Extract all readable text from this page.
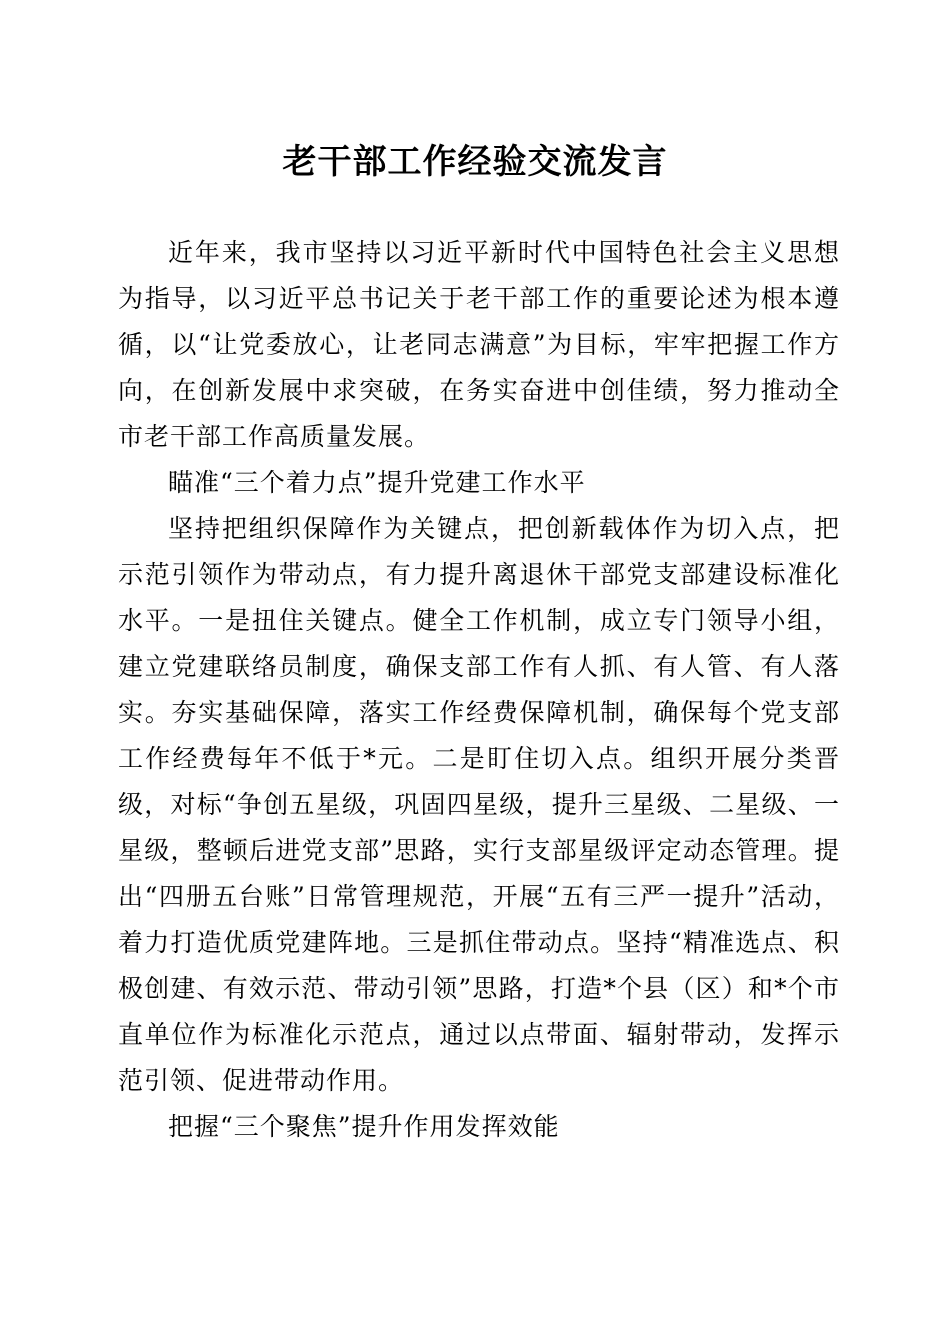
老干部工作经验交流发言

近年来，我市坚持以习近平新时代中国特色社会主义思想为指导，以习近平总书记关于老干部工作的重要论述为根本遵循，以“让党委放心，让老同志满意”为目标，牢牢把握工作方向，在创新发展中求突破，在务实奋进中创佳绩，努力推动全市老干部工作高质量发展。

瞄准“三个着力点”提升党建工作水平

坚持把组织保障作为关键点，把创新载体作为切入点，把示范引领作为带动点，有力提升离退休干部党支部建设标准化水平。一是扭住关键点。健全工作机制，成立专门领导小组，建立党建联络员制度，确保支部工作有人抓、有人管、有人落实。夯实基础保障，落实工作经费保障机制，确保每个党支部工作经费每年不低于*元。二是盯住切入点。组织开展分类晋级，对标“争创五星级，巩固四星级，提升三星级、二星级、一星级，整顿后进党支部”思路，实行支部星级评定动态管理。提出“四册五台账”日常管理规范，开展“五有三严一提升”活动，着力打造优质党建阵地。三是抓住带动点。坚持“精准选点、积极创建、有效示范、带动引领”思路，打造*个县（区）和*个市直单位作为标准化示范点，通过以点带面、辐射带动，发挥示范引领、促进带动作用。

把握“三个聚焦”提升作用发挥效能
